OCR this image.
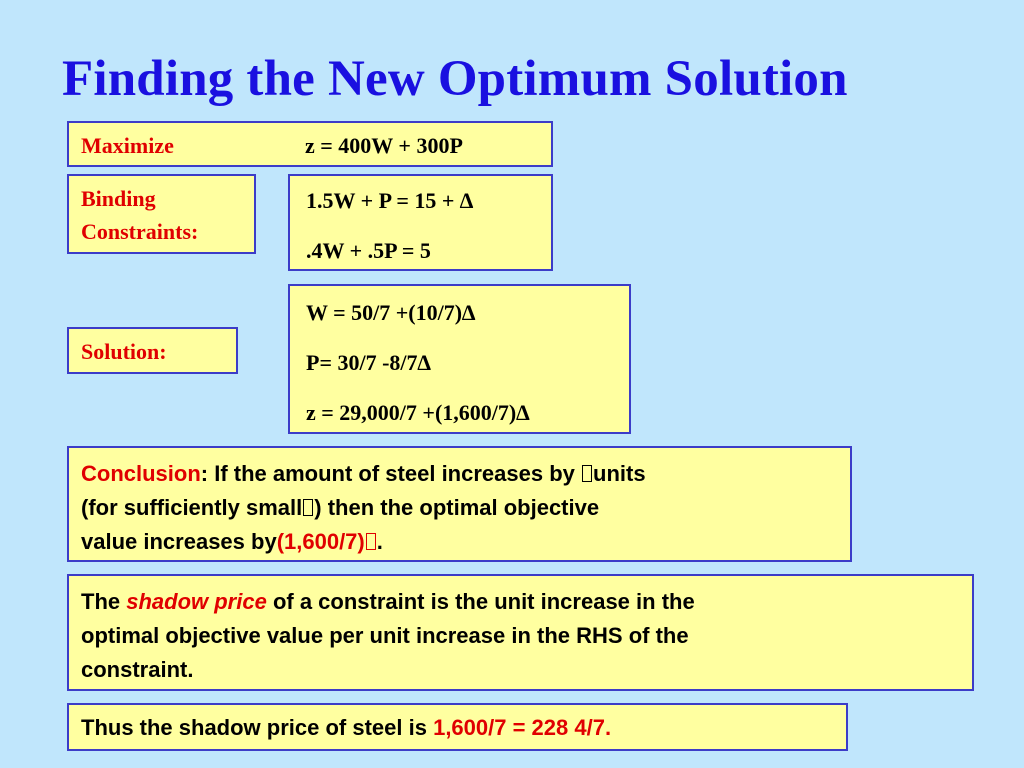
Finding the New Optimum Solution
Maximize	z = 400W + 300P
Binding
Constraints:
1.5W + P = 15 + ∆
.4W + .5P = 5
Solution:
W = 50/7 +(10/7)∆
P= 30/7 -8/7∆
z = 29,000/7 +(1,600/7)∆
Conclusion: If the amount of steel increases by units
(for sufficiently small ) then the optimal objective
value increases by(1,600/7) .
The shadow price of a constraint is the unit increase in the
optimal objective value per unit increase in the RHS of the
constraint.
Thus the shadow price of steel is 1,600/7 = 228 4/7.
